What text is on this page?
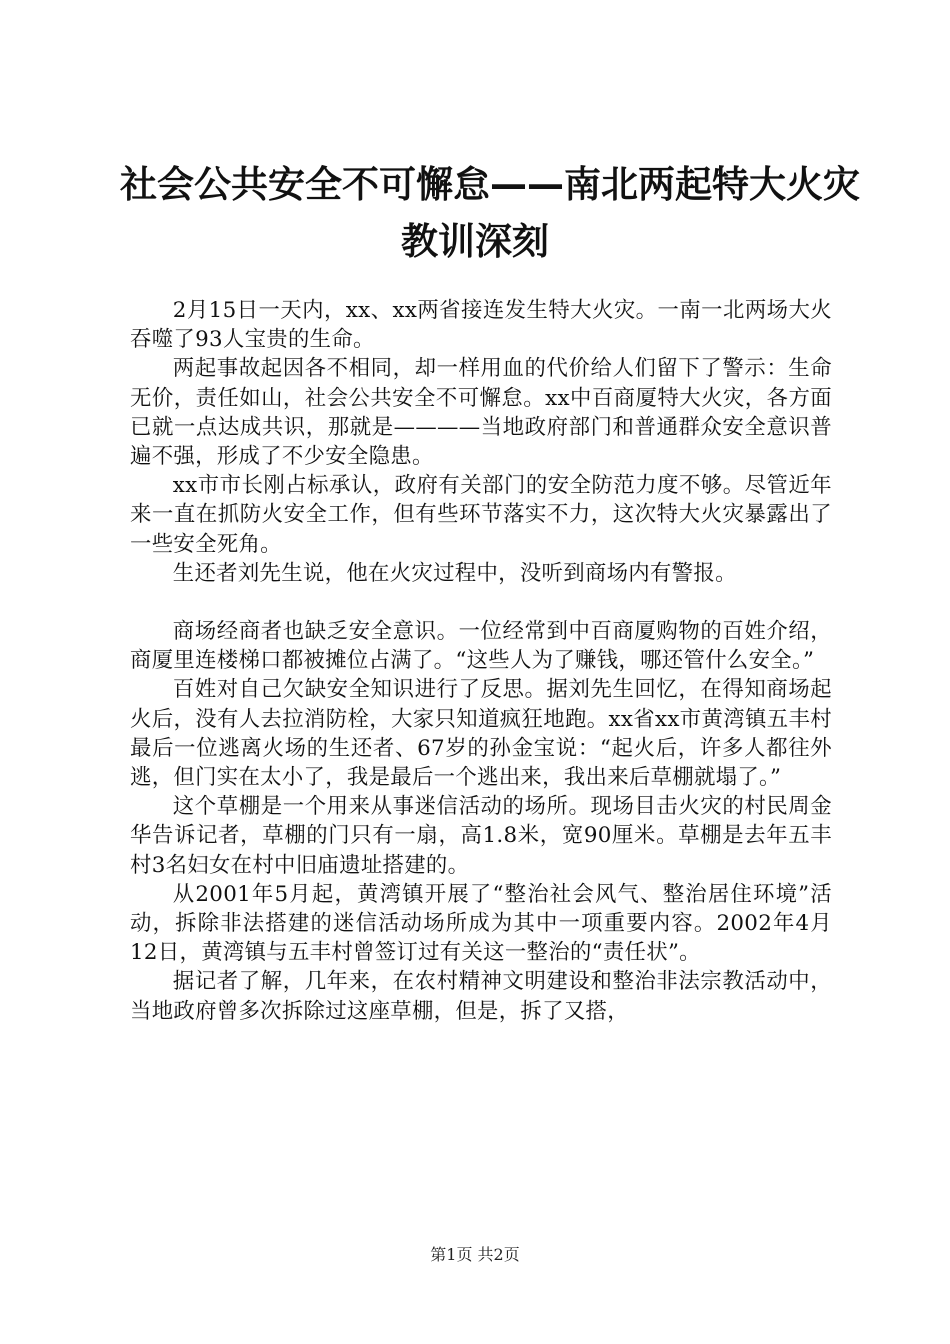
社会公共安全不可懈怠——南北两起特大火灾
教训深刻

2月15日一天内，xx、xx两省接连发生特大火灾。一南一北两场大火吞噬了93人宝贵的生命。

两起事故起因各不相同，却一样用血的代价给人们留下了警示：生命无价，责任如山，社会公共安全不可懈怠。xx中百商厦特大火灾，各方面已就一点达成共识，那就是————当地政府部门和普通群众安全意识普遍不强，形成了不少安全隐患。

xx市市长刚占标承认，政府有关部门的安全防范力度不够。尽管近年来一直在抓防火安全工作，但有些环节落实不力，这次特大火灾暴露出了一些安全死角。

生还者刘先生说，他在火灾过程中，没听到商场内有警报。

商场经商者也缺乏安全意识。一位经常到中百商厦购物的百姓介绍，商厦里连楼梯口都被摊位占满了。“这些人为了赚钱，哪还管什么安全。”

百姓对自己欠缺安全知识进行了反思。据刘先生回忆，在得知商场起火后，没有人去拉消防栓，大家只知道疯狂地跑。xx省xx市黄湾镇五丰村最后一位逃离火场的生还者、67岁的孙金宝说：“起火后，许多人都往外逃，但门实在太小了，我是最后一个逃出来，我出来后草棚就塌了。”

这个草棚是一个用来从事迷信活动的场所。现场目击火灾的村民周金华告诉记者，草棚的门只有一扇，高1.8米，宽90厘米。草棚是去年五丰村3名妇女在村中旧庙遗址搭建的。

从2001年5月起，黄湾镇开展了“整治社会风气、整治居住环境”活动，拆除非法搭建的迷信活动场所成为其中一项重要内容。2002年4月12日，黄湾镇与五丰村曾签订过有关这一整治的“责任状”。

据记者了解，几年来，在农村精神文明建设和整治非法宗教活动中，当地政府曾多次拆除过这座草棚，但是，拆了又搭，

第1页 共2页
